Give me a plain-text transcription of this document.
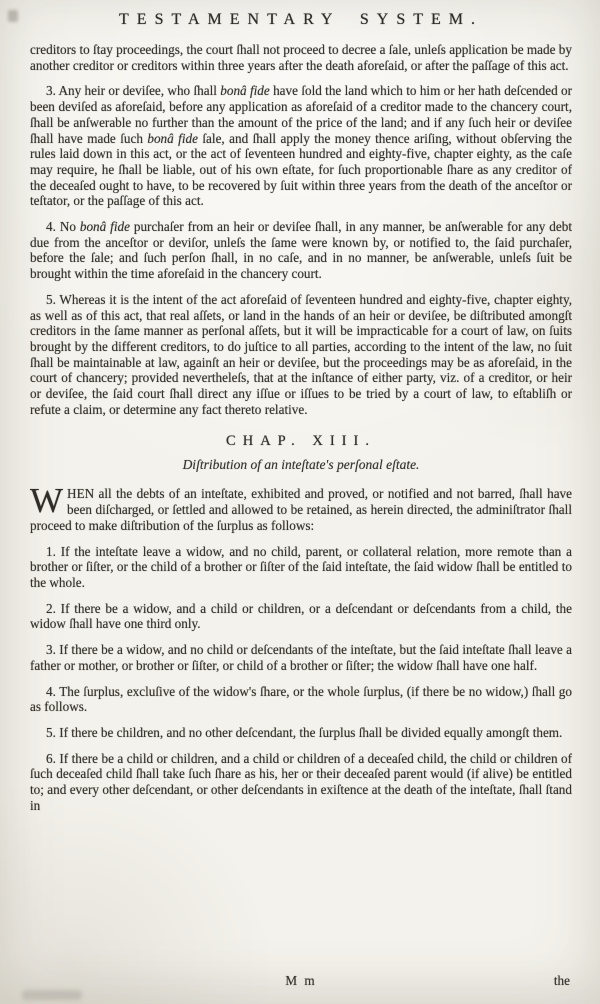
TESTAMENTARY SYSTEM.

creditors to ſtay proceedings, the court ſhall not proceed to decree a ſale, unleſs application be made by another creditor or creditors within three years after the death aforeſaid, or after the paſſage of this act.

3. Any heir or deviſee, who ſhall bonâ fide have ſold the land which to him or her hath deſcended or been deviſed as aforeſaid, before any application as aforeſaid of a creditor made to the chancery court, ſhall be anſwerable no further than the amount of the price of the land; and if any ſuch heir or deviſee ſhall have made ſuch bonâ fide ſale, and ſhall apply the money thence ariſing, without obſerving the rules laid down in this act, or the act of ſeventeen hundred and eighty-five, chapter eighty, as the caſe may require, he ſhall be liable, out of his own eſtate, for ſuch proportionable ſhare as any creditor of the deceaſed ought to have, to be recovered by ſuit within three years from the death of the anceſtor or teſtator, or the paſſage of this act.

4. No bonâ fide purchaſer from an heir or deviſee ſhall, in any manner, be anſwerable for any debt due from the anceſtor or deviſor, unleſs the ſame were known by, or notified to, the ſaid purchaſer, before the ſale; and ſuch perſon ſhall, in no caſe, and in no manner, be anſwerable, unleſs ſuit be brought within the time aforeſaid in the chancery court.

5. Whereas it is the intent of the act aforeſaid of ſeventeen hundred and eighty-five, chapter eighty, as well as of this act, that real aſſets, or land in the hands of an heir or deviſee, be diſtributed amongſt creditors in the ſame manner as perſonal aſſets, but it will be impracticable for a court of law, on ſuits brought by the different creditors, to do juſtice to all parties, according to the intent of the law, no ſuit ſhall be maintainable at law, againſt an heir or deviſee, but the proceedings may be as aforeſaid, in the court of chancery; provided nevertheleſs, that at the inſtance of either party, viz. of a creditor, or heir or deviſee, the ſaid court ſhall direct any iſſue or iſſues to be tried by a court of law, to eſtabliſh or refute a claim, or determine any fact thereto relative.

CHAP. XIII.
Diſtribution of an inteſtate's perſonal eſtate.

WHEN all the debts of an inteſtate, exhibited and proved, or notified and not barred, ſhall have been diſcharged, or ſettled and allowed to be retained, as herein directed, the adminiſtrator ſhall proceed to make diſtribution of the ſurplus as follows:

1. If the inteſtate leave a widow, and no child, parent, or collateral relation, more remote than a brother or ſiſter, or the child of a brother or ſiſter of the ſaid inteſtate, the ſaid widow ſhall be entitled to the whole.

2. If there be a widow, and a child or children, or a deſcendant or deſcendants from a child, the widow ſhall have one third only.

3. If there be a widow, and no child or deſcendants of the inteſtate, but the ſaid inteſtate ſhall leave a father or mother, or brother or ſiſter, or child of a brother or ſiſter; the widow ſhall have one half.

4. The ſurplus, excluſive of the widow's ſhare, or the whole ſurplus, (if there be no widow,) ſhall go as follows.

5. If there be children, and no other deſcendant, the ſurplus ſhall be divided equally amongſt them.

6. If there be a child or children, and a child or children of a deceaſed child, the child or children of ſuch deceaſed child ſhall take ſuch ſhare as his, her or their deceaſed parent would (if alive) be entitled to; and every other deſcendant, or other deſcendants in exiſtence at the death of the inteſtate, ſhall ſtand in

M m	the
